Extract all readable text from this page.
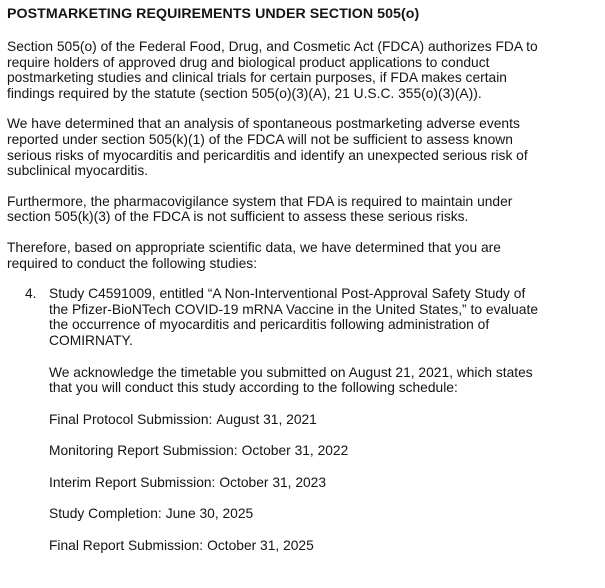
POSTMARKETING REQUIREMENTS UNDER SECTION 505(o)
Section 505(o) of the Federal Food, Drug, and Cosmetic Act (FDCA) authorizes FDA to
require holders of approved drug and biological product applications to conduct
postmarketing studies and clinical trials for certain purposes, if FDA makes certain
findings required by the statute (section 505(o)(3)(A), 21 U.S.C. 355(o)(3)(A)).
We have determined that an analysis of spontaneous postmarketing adverse events
reported under section 505(k)(1) of the FDCA will not be sufficient to assess known
serious risks of myocarditis and pericarditis and identify an unexpected serious risk of
subclinical myocarditis.
Furthermore, the pharmacovigilance system that FDA is required to maintain under
section 505(k)(3) of the FDCA is not sufficient to assess these serious risks.
Therefore, based on appropriate scientific data, we have determined that you are
required to conduct the following studies:
4. Study C4591009, entitled “A Non-Interventional Post-Approval Safety Study of
the Pfizer-BioNTech COVID-19 mRNA Vaccine in the United States,” to evaluate
the occurrence of myocarditis and pericarditis following administration of
COMIRNATY.
We acknowledge the timetable you submitted on August 21, 2021, which states
that you will conduct this study according to the following schedule:
Final Protocol Submission: August 31, 2021
Monitoring Report Submission: October 31, 2022
Interim Report Submission: October 31, 2023
Study Completion: June 30, 2025
Final Report Submission: October 31, 2025
